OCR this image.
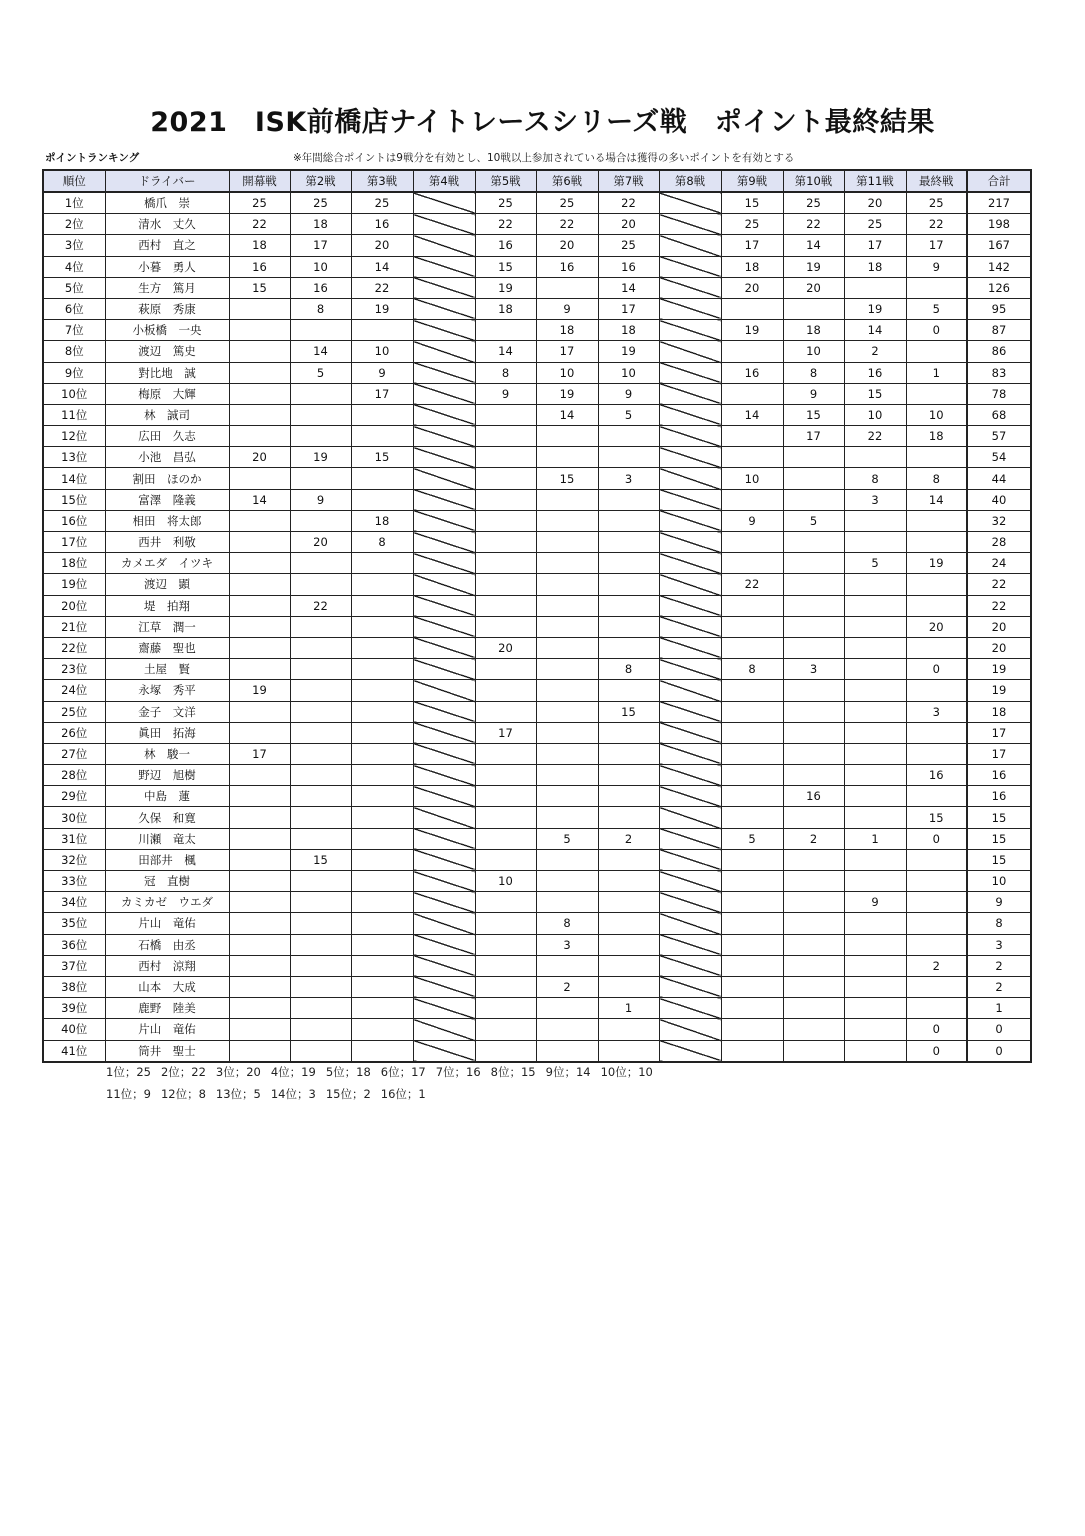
2021　ISK前橋店ナイトレースシリーズ戦　ポイント最終結果
ポイントランキング	※年間総合ポイントは9戦分を有効とし、10戦以上参加されている場合は獲得の多いポイントを有効とする
順位	ドライバー	開幕戦	第2戦	第3戦	第4戦	第5戦	第6戦	第7戦	第8戦	第9戦	第10戦	第11戦	最終戦	合計
1位	橋爪　崇	25	25	25		25	25	22		15	25	20	25	217
2位	清水　丈久	22	18	16		22	22	20		25	22	25	22	198
3位	西村　直之	18	17	20		16	20	25		17	14	17	17	167
4位	小暮　勇人	16	10	14		15	16	16		18	19	18	9	142
5位	生方　篤月	15	16	22		19		14		20	20			126
6位	萩原　秀康		8	19		18	9	17				19	5	95
7位	小板橋　一央						18	18		19	18	14	0	87
8位	渡辺　篤史		14	10		14	17	19			10	2		86
9位	對比地　誠		5	9		8	10	10		16	8	16	1	83
10位	梅原　大輝			17		9	19	9			9	15		78
11位	林　誠司						14	5		14	15	10	10	68
12位	広田　久志										17	22	18	57
13位	小池　昌弘	20	19	15										54
14位	割田　ほのか						15	3		10		8	8	44
15位	富澤　隆義	14	9									3	14	40
16位	相田　将太郎			18						9	5			32
17位	西井　利敬		20	8										28
18位	カメエダ　イツキ											5	19	24
19位	渡辺　顕									22				22
20位	堤　拍翔		22											22
21位	江草　潤一												20	20
22位	齋藤　聖也					20								20
23位	土屋　賢							8		8	3		0	19
24位	永塚　秀平	19												19
25位	金子　文洋							15					3	18
26位	眞田　拓海					17								17
27位	林　駿一	17												17
28位	野辺　旭樹												16	16
29位	中島　蓮										16			16
30位	久保　和寛												15	15
31位	川瀬　竜太						5	2		5	2	1	0	15
32位	田部井　楓		15											15
33位	冠　直樹					10								10
34位	カミカゼ　ウエダ											9		9
35位	片山　竜佑						8							8
36位	石橋　由丞						3							3
37位	西村　涼翔												2	2
38位	山本　大成						2							2
39位	鹿野　陸美							1						1
40位	片山　竜佑												0	0
41位	筒井　聖士												0	0
1位；25 2位；22 3位；20 4位；19 5位；18 6位；17 7位；16 8位；15 9位；14 10位；10
11位；9 12位；8 13位；5 14位；3 15位；2 16位；1
